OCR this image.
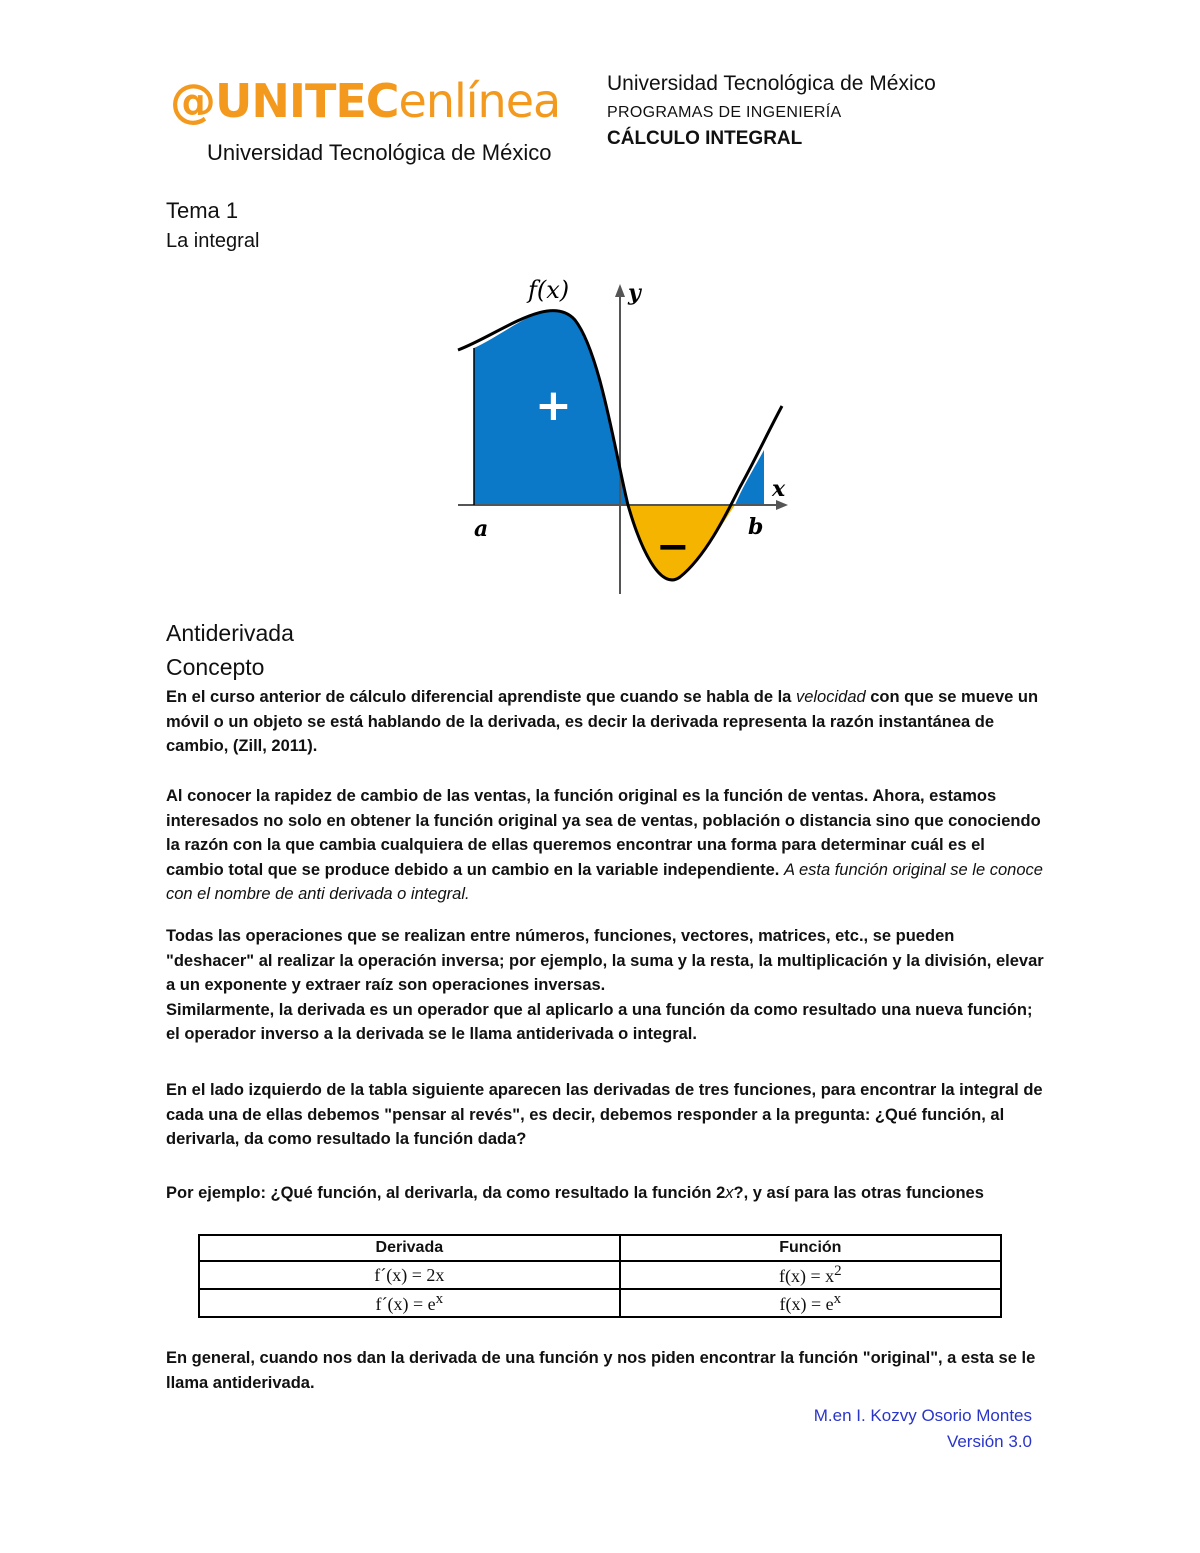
@UNITECenlínea
Universidad Tecnológica de México
Universidad Tecnológica de México
PROGRAMAS DE INGENIERÍA
CÁLCULO INTEGRAL
Tema 1
La integral
f(x)	y
x
a	b
+
−
Antiderivada
Concepto
En el curso anterior de cálculo diferencial aprendiste que cuando se habla de la velocidad con que se mueve un móvil o un objeto se está hablando de la derivada, es decir la derivada representa la razón instantánea de cambio, (Zill, 2011).
Al conocer la rapidez de cambio de las ventas, la función original es la función de ventas. Ahora, estamos interesados no solo en obtener la función original ya sea de ventas, población o distancia sino que conociendo la razón con la que cambia cualquiera de ellas queremos encontrar una forma para determinar cuál es el cambio total que se produce debido a un cambio en la variable independiente. A esta función original se le conoce con el nombre de anti derivada o integral.
Todas las operaciones que se realizan entre números, funciones, vectores, matrices, etc., se pueden "deshacer" al realizar la operación inversa; por ejemplo, la suma y la resta, la multiplicación y la división, elevar a un exponente y extraer raíz son operaciones inversas.
Similarmente, la derivada es un operador que al aplicarlo a una función da como resultado una nueva función; el operador inverso a la derivada se le llama antiderivada o integral.
En el lado izquierdo de la tabla siguiente aparecen las derivadas de tres funciones, para encontrar la integral de cada una de ellas debemos "pensar al revés", es decir, debemos responder a la pregunta: ¿Qué función, al derivarla, da como resultado la función dada?
Por ejemplo: ¿Qué función, al derivarla, da como resultado la función 2x?, y así para las otras funciones
Derivada	Función
f´(x) = 2x	$f(x) = x^2$
f´(x) = $e^x$	$f(x) = e^x$
En general, cuando nos dan la derivada de una función y nos piden encontrar la función "original", a esta se le llama antiderivada.
M.en I. Kozvy Osorio Montes
Versión 3.0
